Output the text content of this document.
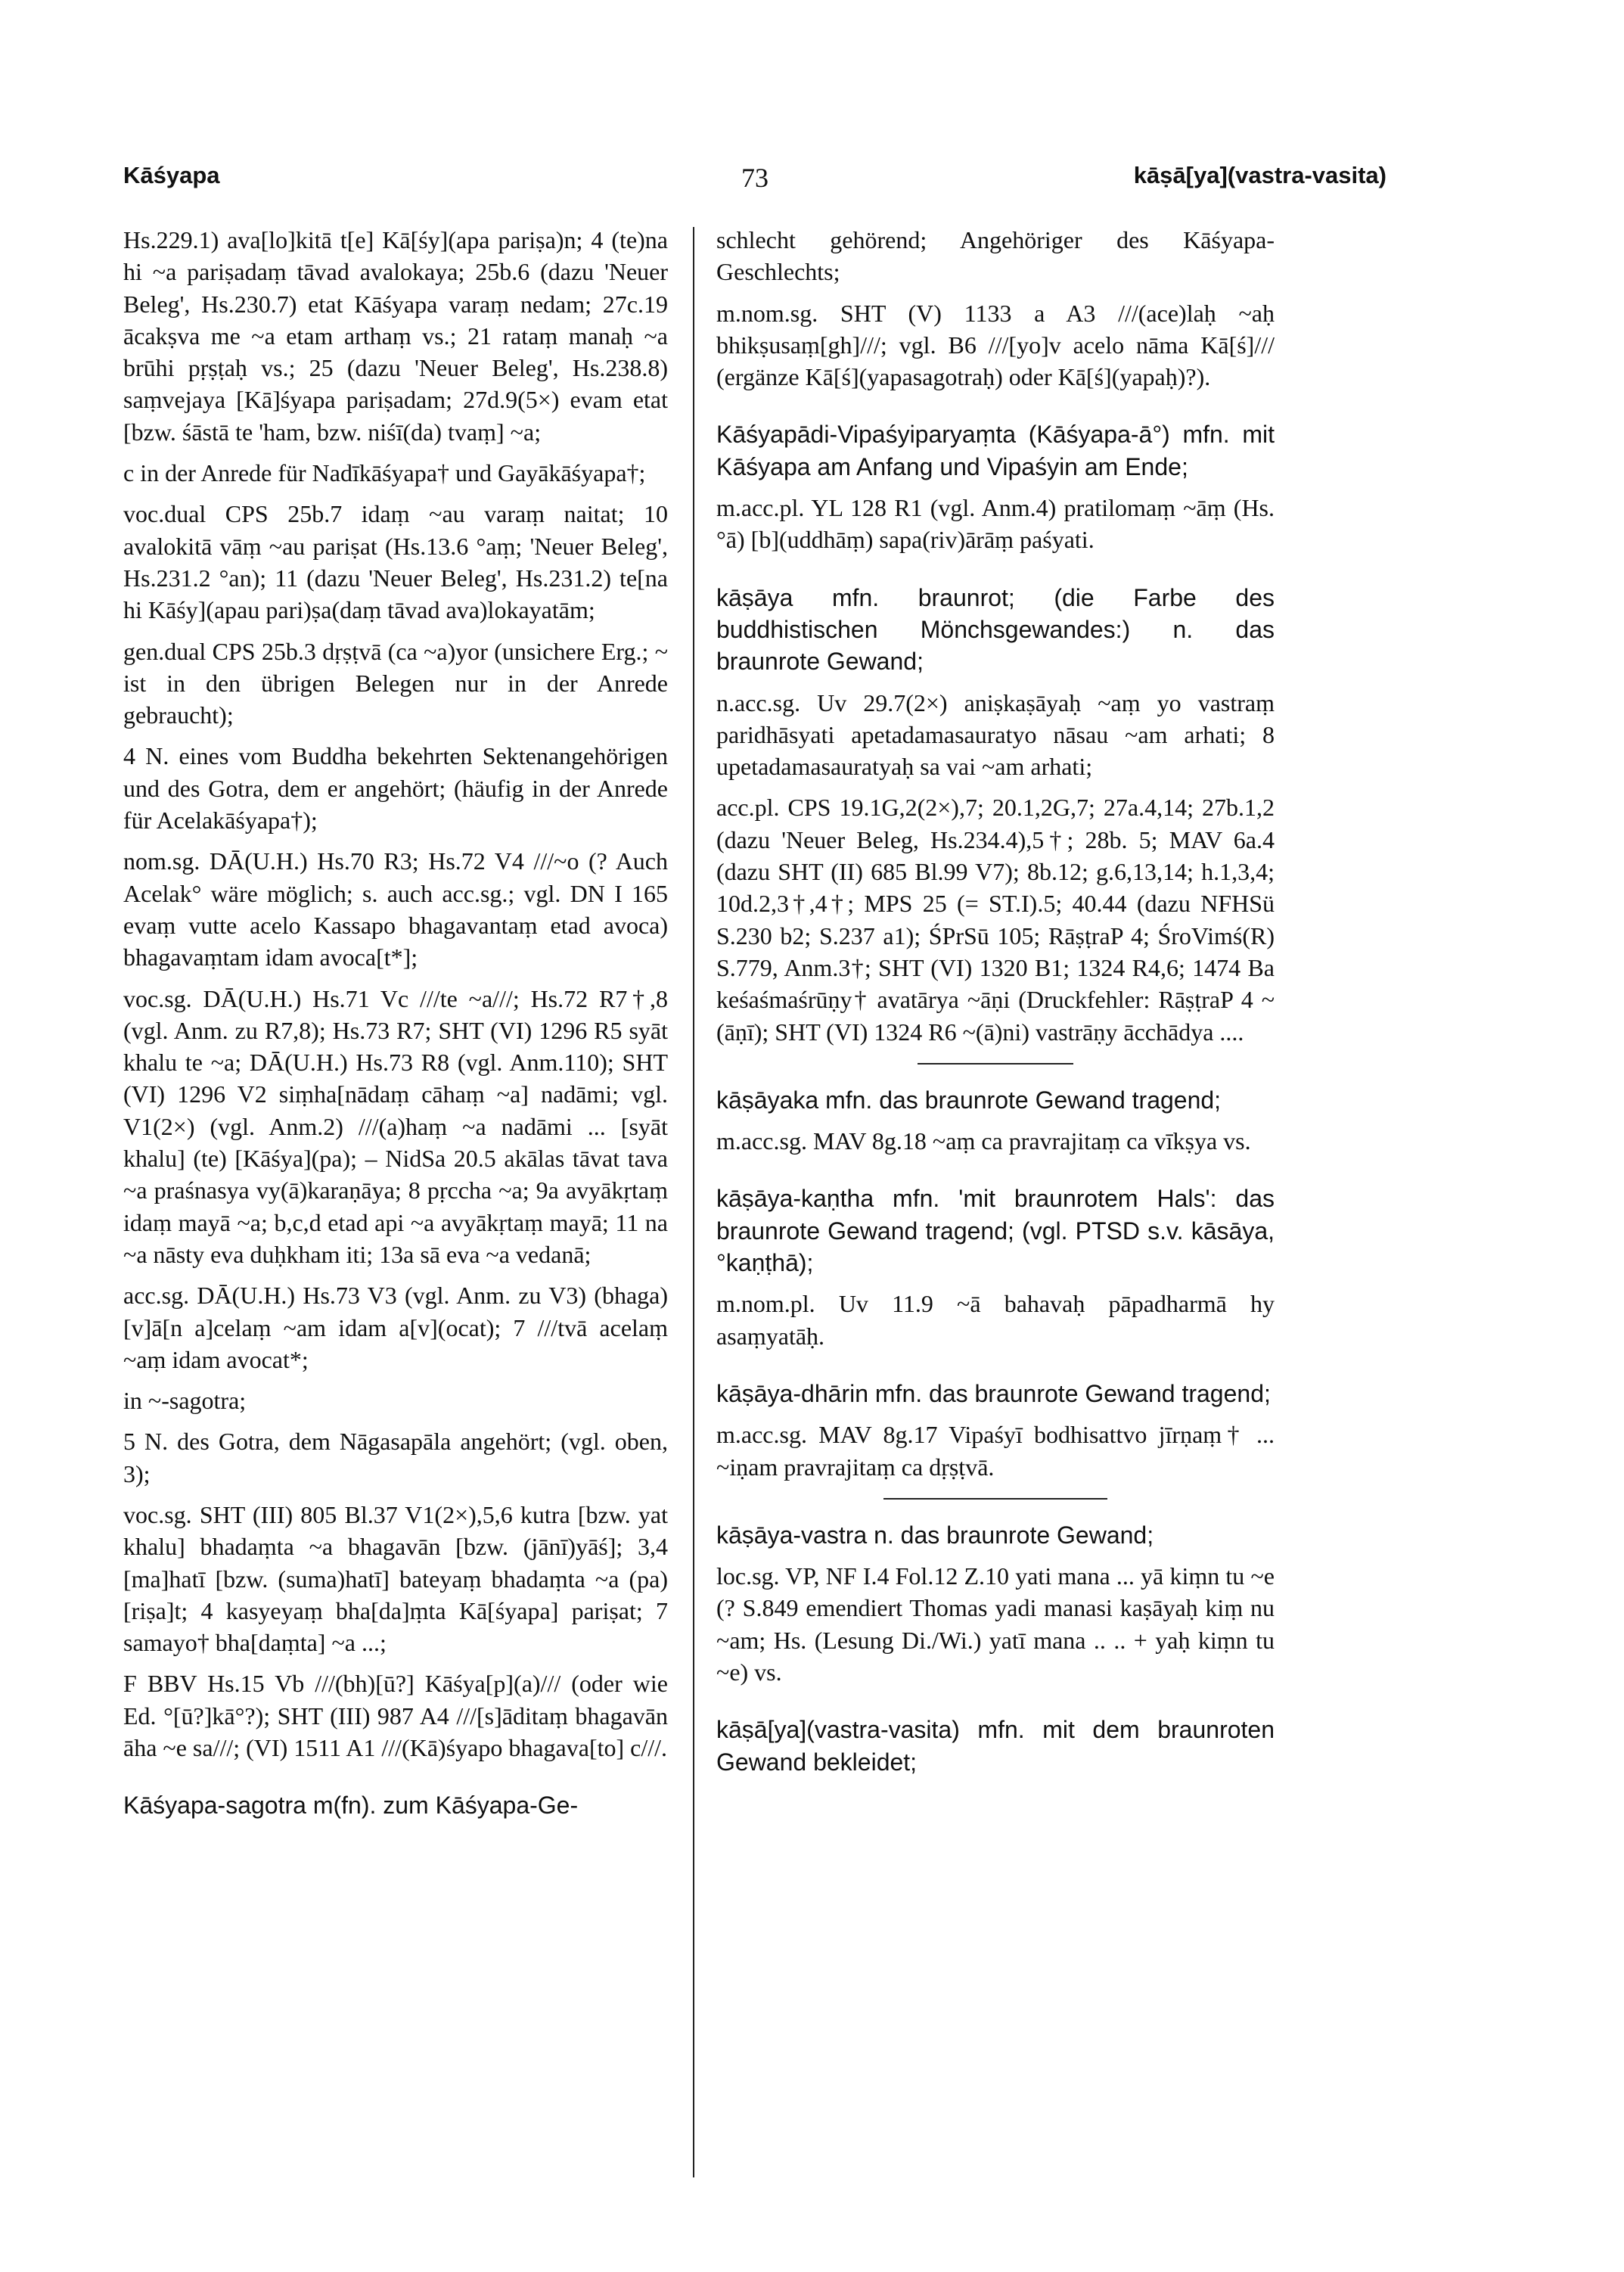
Kāśyapa	73	kāṣā[ya](vastra-vasita)

Hs.229.1) ava[lo]kitā t[e] Kā[śy](apa pariṣa)n; 4 (te)na hi ~a pariṣadaṃ tāvad avalokaya; 25b.6 (dazu 'Neuer Beleg', Hs.230.7) etat Kāśyapa varaṃ nedam; 27c.19 ācakṣva me ~a etam arthaṃ vs.; 21 rataṃ manaḥ ~a brūhi pṛṣṭaḥ vs.; 25 (dazu 'Neuer Beleg', Hs.238.8) saṃvejaya [Kā]śyapa pariṣadam; 27d.9(5×) evam etat [bzw. śāstā te 'ham, bzw. niśī(da) tvaṃ] ~a;

c in der Anrede für Nadīkāśyapa† und Gayākāśyapa†;

voc.dual CPS 25b.7 idaṃ ~au varaṃ naitat; 10 avalokitā vāṃ ~au pariṣat (Hs.13.6 °aṃ; 'Neuer Beleg', Hs.231.2 °an); 11 (dazu 'Neuer Beleg', Hs.231.2) te[na hi Kāśy](apau pari)ṣa(daṃ tāvad ava)lokayatām;

gen.dual CPS 25b.3 dṛṣṭvā (ca ~a)yor (unsichere Erg.; ~ ist in den übrigen Belegen nur in der Anrede gebraucht);

4 N. eines vom Buddha bekehrten Sektenangehörigen und des Gotra, dem er angehört; (häufig in der Anrede für Acelakāśyapa†);

nom.sg. DĀ(U.H.) Hs.70 R3; Hs.72 V4 ///~o (? Auch Acelak° wäre möglich; s. auch acc.sg.; vgl. DN I 165 evaṃ vutte acelo Kassapo bhagavantaṃ etad avoca) bhagavaṃtam idam avoca[t*];

voc.sg. DĀ(U.H.) Hs.71 Vc ///te ~a///; Hs.72 R7†,8 (vgl. Anm. zu R7,8); Hs.73 R7; SHT (VI) 1296 R5 syāt khalu te ~a; DĀ(U.H.) Hs.73 R8 (vgl. Anm.110); SHT (VI) 1296 V2 siṃha[nādaṃ cāhaṃ ~a] nadāmi; vgl. V1(2×) (vgl. Anm.2) ///(a)haṃ ~a nadāmi ... [syāt khalu] (te) [Kāśya](pa); – NidSa 20.5 akālas tāvat tava ~a praśnasya vy(ā)karaṇāya; 8 pṛccha ~a; 9a avyākṛtaṃ idaṃ mayā ~a; b,c,d etad api ~a avyākṛtaṃ mayā; 11 na ~a nāsty eva duḥkham iti; 13a sā eva ~a vedanā;

acc.sg. DĀ(U.H.) Hs.73 V3 (vgl. Anm. zu V3) (bhaga)[v]ā[n a]celaṃ ~am idam a[v](ocat); 7 ///tvā acelaṃ ~aṃ idam avocat*;

in ~-sagotra;

5 N. des Gotra, dem Nāgasapāla angehört; (vgl. oben, 3);

voc.sg. SHT (III) 805 Bl.37 V1(2×),5,6 kutra [bzw. yat khalu] bhadaṃta ~a bhagavān [bzw. (jānī)yāś]; 3,4 [ma]hatī [bzw. (suma)hatī] bateyaṃ bhadaṃta ~a (pa)[riṣa]t; 4 kasyeyaṃ bha[da]ṃta Kā[śyapa] pariṣat; 7 samayo† bha[daṃta] ~a ...;

F BBV Hs.15 Vb ///(bh)[ū?] Kāśya[p](a)/// (oder wie Ed. °[ū?]kā°?); SHT (III) 987 A4 ///[s]āditaṃ bhagavān āha ~e sa///; (VI) 1511 A1 ///(Kā)śyapo bhagava[to] c///.

Kāśyapa-sagotra m(fn). zum Kāśyapa-Ge-

schlecht gehörend; Angehöriger des Kāśyapa-Geschlechts;

m.nom.sg. SHT (V) 1133 a A3 ///(ace)laḥ ~aḥ bhikṣusaṃ[gh]///; vgl. B6 ///[yo]v acelo nāma Kā[ś]/// (ergänze Kā[ś](yapasagotraḥ) oder Kā[ś](yapaḥ)?).

Kāśyapādi-Vipaśyiparyaṃta (Kāśyapa-ā°) mfn. mit Kāśyapa am Anfang und Vipaśyin am Ende;

m.acc.pl. YL 128 R1 (vgl. Anm.4) pratilomaṃ ~āṃ (Hs. °ā) [b](uddhāṃ) sapa(riv)ārāṃ paśyati.

kāṣāya mfn. braunrot; (die Farbe des buddhistischen Mönchsgewandes:) n. das braunrote Gewand;

n.acc.sg. Uv 29.7(2×) aniṣkaṣāyaḥ ~aṃ yo vastraṃ paridhāsyati apetadamasauratyo nāsau ~am arhati; 8 upetadamasauratyaḥ sa vai ~am arhati;

acc.pl. CPS 19.1G,2(2×),7; 20.1,2G,7; 27a.4,14; 27b.1,2 (dazu 'Neuer Beleg, Hs.234.4),5†; 28b. 5; MAV 6a.4 (dazu SHT (II) 685 Bl.99 V7); 8b.12; g.6,13,14; h.1,3,4; 10d.2,3†,4†; MPS 25 (= ST.I).5; 40.44 (dazu NFHSü S.230 b2; S.237 a1); ŚPrSū 105; RāṣṭraP 4; ŚroVimś(R) S.779, Anm.3†; SHT (VI) 1320 B1; 1324 R4,6; 1474 Ba keśaśmaśrūṇy† avatārya ~āṇi (Druckfehler: RāṣṭraP 4 ~(āṇī); SHT (VI) 1324 R6 ~(ā)ni) vastrāṇy ācchādya ....

kāṣāyaka mfn. das braunrote Gewand tragend;

m.acc.sg. MAV 8g.18 ~aṃ ca pravrajitaṃ ca vīkṣya vs.

kāṣāya-kaṇtha mfn. 'mit braunrotem Hals': das braunrote Gewand tragend; (vgl. PTSD s.v. kāsāya, °kaṇṭhā);

m.nom.pl. Uv 11.9 ~ā bahavaḥ pāpadharmā hy asaṃyatāḥ.

kāṣāya-dhārin mfn. das braunrote Gewand tragend;

m.acc.sg. MAV 8g.17 Vipaśyī bodhisattvo jīrṇaṃ† ... ~iṇam pravrajitaṃ ca dṛṣṭvā.

kāṣāya-vastra n. das braunrote Gewand;

loc.sg. VP, NF I.4 Fol.12 Z.10 yati mana ... yā kiṃn tu ~e (? S.849 emendiert Thomas yadi manasi kaṣāyaḥ kiṃ nu ~am; Hs. (Lesung Di./Wi.) yatī mana .. .. + yaḥ kiṃn tu ~e) vs.

kāṣā[ya](vastra-vasita) mfn. mit dem braunroten Gewand bekleidet;
